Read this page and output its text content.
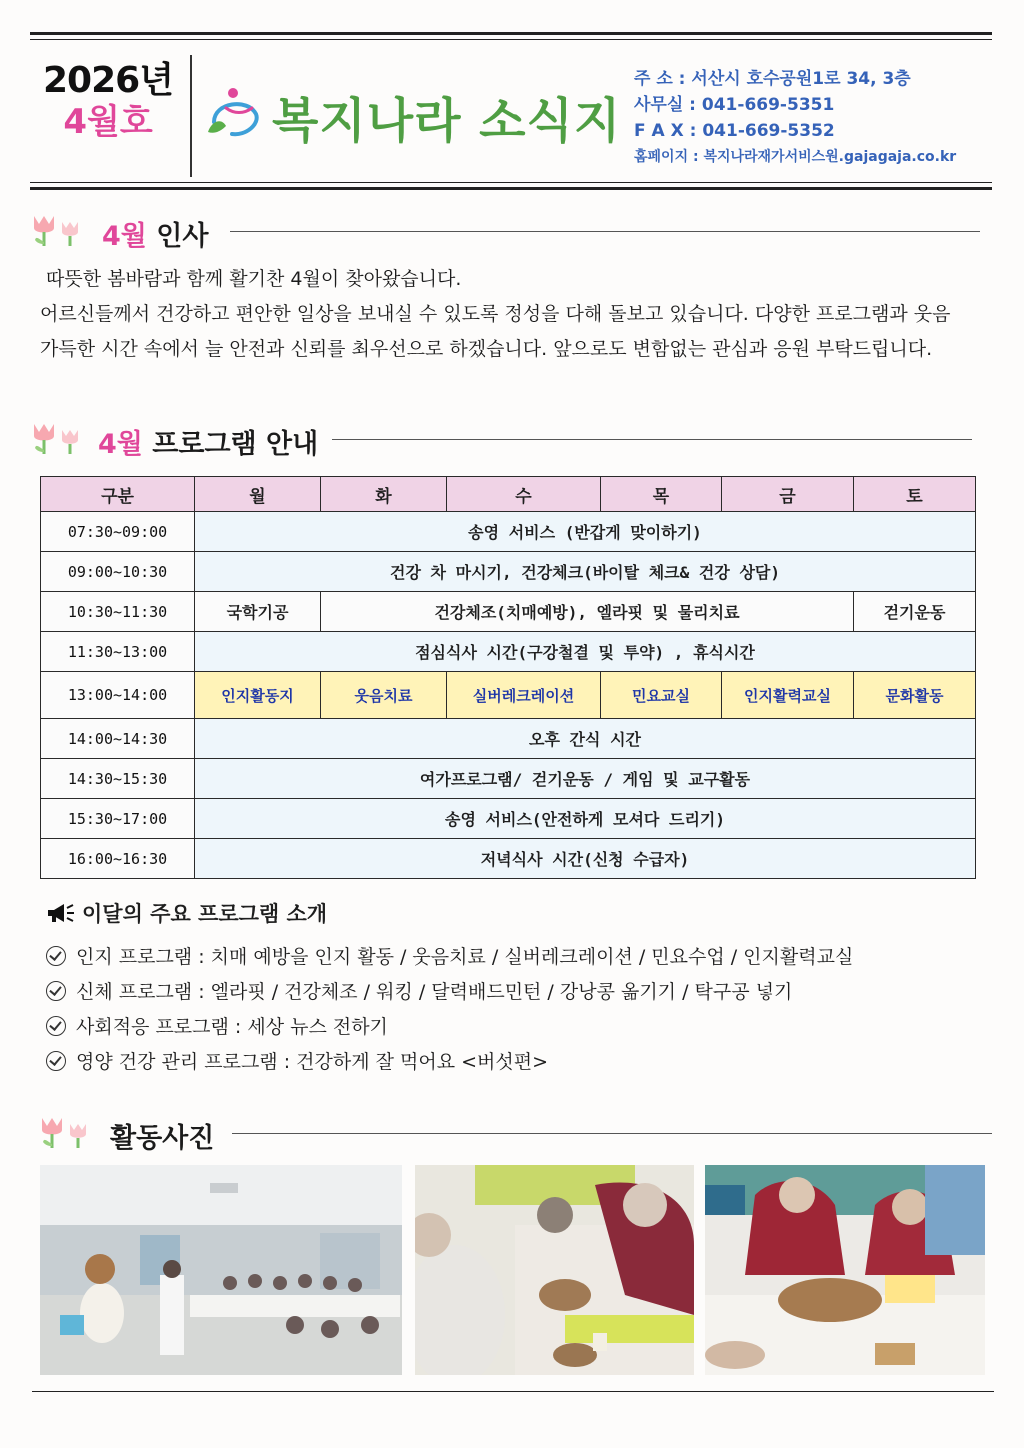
2026년
4월호	복지나라 소식지
주 소 : 서산시 호수공원1로 34, 3층
사무실 : 041-669-5351
F A X : 041-669-5352
홈페이지 : 복지나라재가서비스원.gajagaja.co.kr
4월 인사

따뜻한 봄바람과 함께 활기찬 4월이 찾아왔습니다.

어르신들께서 건강하고 편안한 일상을 보내실 수 있도록 정성을 다해 돌보고 있습니다. 다양한 프로그램과 웃음 가득한 시간 속에서 늘 안전과 신뢰를 최우선으로 하겠습니다. 앞으로도 변함없는 관심과 응원 부탁드립니다.

4월 프로그램 안내
구분	월	화	수	목	금	토
07:30~09:00	송영 서비스 (반갑게 맞이하기)					
09:00~10:30	건강 차 마시기, 건강체크(바이탈 체크& 건강 상담)					
10:30~11:30	국학기공	건강체조(치매예방), 엘라핏 및 물리치료				걷기운동
11:30~13:00	점심식사 시간(구강철결 및 투약) , 휴식시간					
13:00~14:00	인지활동지	웃음치료	실버레크레이션	민요교실	인지활력교실	문화활동
14:00~14:30	오후 간식 시간					
14:30~15:30	여가프로그램/ 걷기운동 / 게임 및 교구활동					
15:30~17:00	송영 서비스(안전하게 모셔다 드리기)					
16:00~16:30	저녁식사 시간(신청 수급자)					
이달의 주요 프로그램 소개
인지 프로그램 : 치매 예방을 인지 활동 / 웃음치료 / 실버레크레이션 / 민요수업 / 인지활력교실
신체 프로그램 : 엘라핏 / 건강체조 / 워킹 / 달력배드민턴 / 강낭콩 옮기기 / 탁구공 넣기
사회적응 프로그램 : 세상 뉴스 전하기
영양 건강 관리 프로그램 : 건강하게 잘 먹어요 <버섯편>
활동사진
